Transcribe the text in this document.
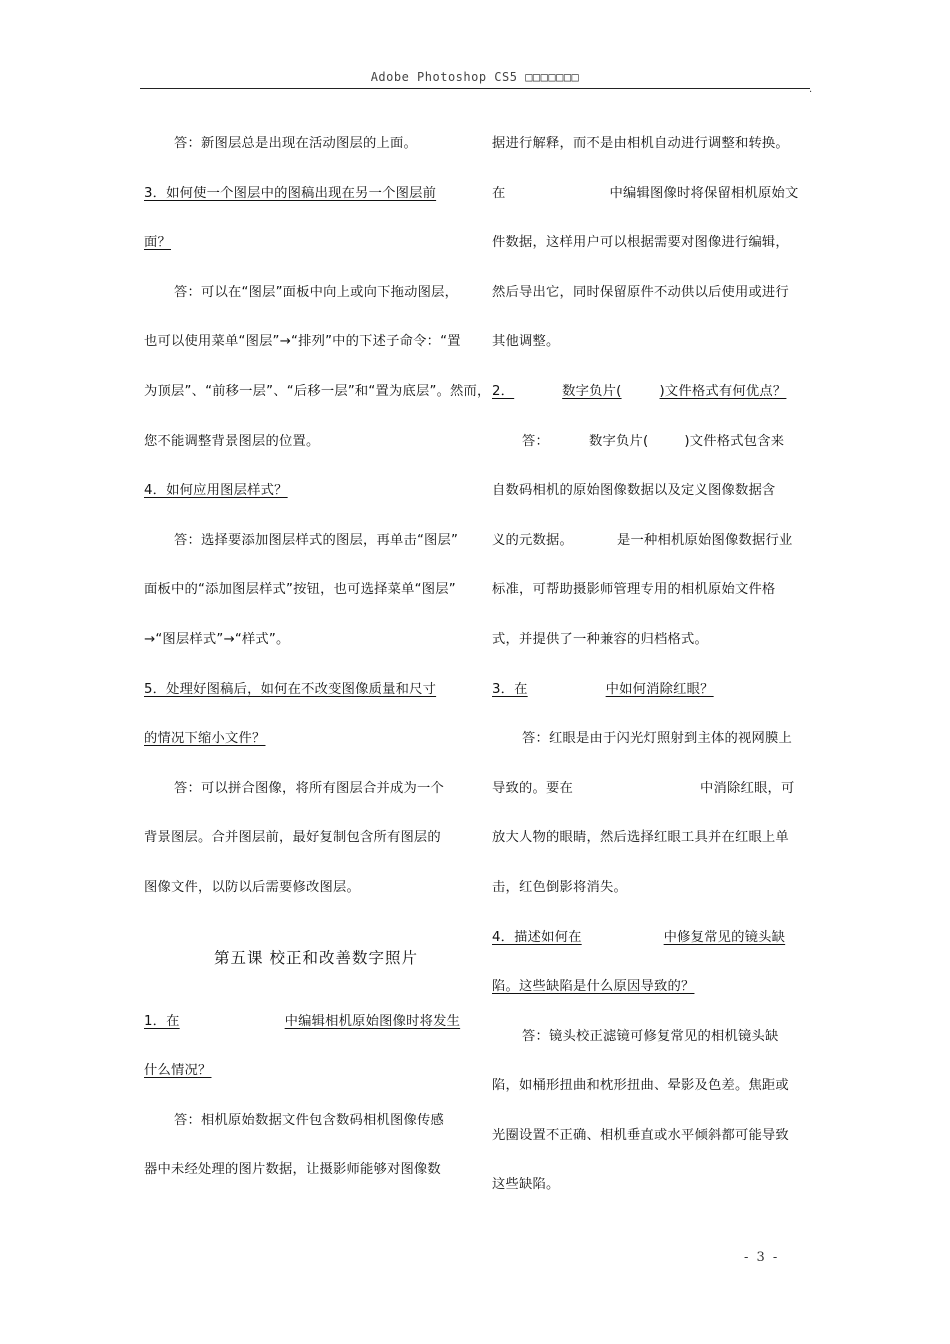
Adobe Photoshop CS5 □□□□□□□
.
答：新图层总是出现在活动图层的上面。
3．如何使一个图层中的图稿出现在另一个图层前
面？
答：可以在“图层”面板中向上或向下拖动图层，
也可以使用菜单“图层”→“排列”中的下述子命令：“置
为顶层”、“前移一层”、“后移一层”和“置为底层”。然而，
您不能调整背景图层的位置。
4．如何应用图层样式？
答：选择要添加图层样式的图层，再单击“图层”
面板中的“添加图层样式”按钮，也可选择菜单“图层”
→“图层样式”→“样式”。
5．处理好图稿后，如何在不改变图像质量和尺寸
的情况下缩小文件？
答：可以拼合图像，将所有图层合并成为一个
背景图层。合并图层前，最好复制包含所有图层的
图像文件，以防以后需要修改图层。
第五课 校正和改善数字照片
1．在	中编辑相机原始图像时将发生
什么情况？
答：相机原始数据文件包含数码相机图像传感
器中未经处理的图片数据，让摄影师能够对图像数
据进行解释，而不是由相机自动进行调整和转换。
在	中编辑图像时将保留相机原始文
件数据，这样用户可以根据需要对图像进行编辑，
然后导出它，同时保留原件不动供以后使用或进行
其他调整。
2．	数字负片(	)文件格式有何优点？
答：	数字负片(	)文件格式包含来
自数码相机的原始图像数据以及定义图像数据含
义的元数据。	是一种相机原始图像数据行业
标准，可帮助摄影师管理专用的相机原始文件格
式，并提供了一种兼容的归档格式。
3．在	中如何消除红眼？
答：红眼是由于闪光灯照射到主体的视网膜上
导致的。要在	中消除红眼，可
放大人物的眼睛，然后选择红眼工具并在红眼上单
击，红色倒影将消失。
4．描述如何在	中修复常见的镜头缺
陷。这些缺陷是什么原因导致的？
答：镜头校正滤镜可修复常见的相机镜头缺
陷，如桶形扭曲和枕形扭曲、晕影及色差。焦距或
光圈设置不正确、相机垂直或水平倾斜都可能导致
这些缺陷。
- 3 -
